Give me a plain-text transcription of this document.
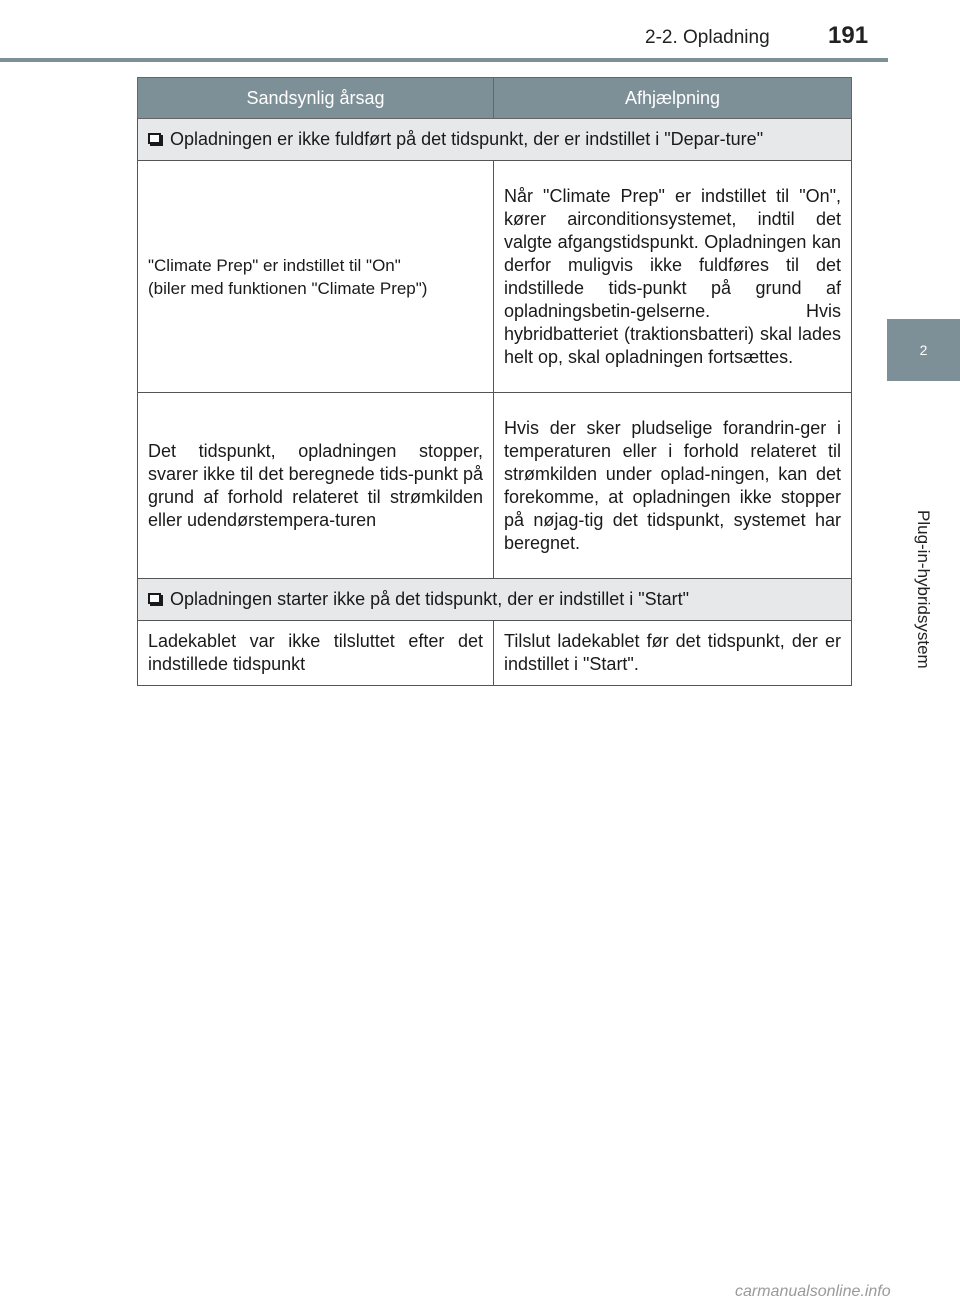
2-2. Opladning 191
2
Plug-in-hybridsystem
Sandsynlig årsag	Afhjælpning

Opladningen er ikke fuldført på det tidspunkt, der er indstillet i "Depar-ture"	

"Climate Prep" er indstillet til "On"
(biler med funktionen "Climate Prep")	Når "Climate Prep" er indstillet til "On", kører airconditionsystemet, indtil det valgte afgangstidspunkt. Opladningen kan derfor muligvis ikke fuldføres til det indstillede tids-punkt på grund af opladningsbetin-gelserne. Hvis hybridbatteriet (traktionsbatteri) skal lades helt op, skal opladningen fortsættes.
Det tidspunkt, opladningen stopper, svarer ikke til det beregnede tids-punkt på grund af forhold relateret til strømkilden eller udendørstempera-turen	Hvis der sker pludselige forandrin-ger i temperaturen eller i forhold relateret til strømkilden under oplad-ningen, kan det forekomme, at opladningen ikke stopper på nøjag-tig det tidspunkt, systemet har beregnet.

Opladningen starter ikke på det tidspunkt, der er indstillet i "Start"	

Ladekablet var ikke tilsluttet efter det indstillede tidspunkt	Tilslut ladekablet før det tidspunkt, der er indstillet i "Start".
carmanualsonline.info
